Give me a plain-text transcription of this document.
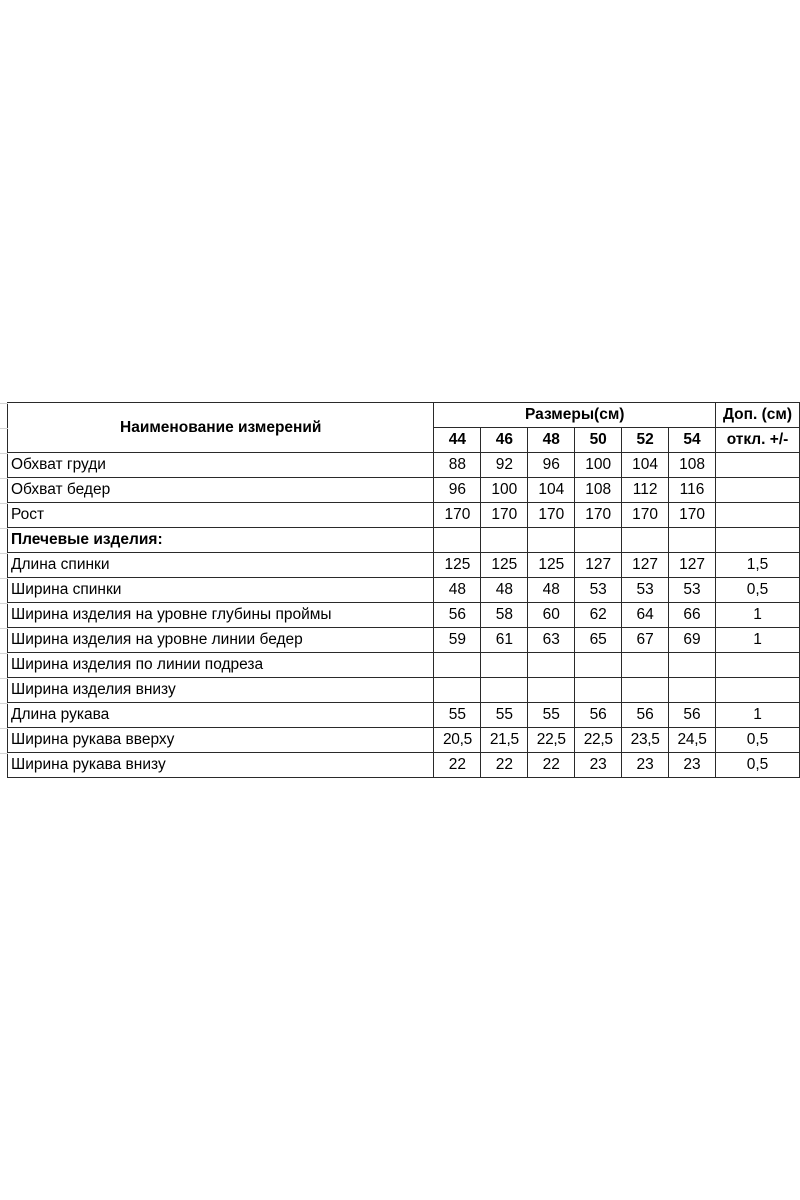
Наименование измерений	Размеры(см)						Доп. (см)
	44	46	48	50	52	54	откл. +/-
Обхват груди	88	92	96	100	104	108	
Обхват бедер	96	100	104	108	112	116	
Рост	170	170	170	170	170	170	
Плечевые изделия:							
Длина спинки	125	125	125	127	127	127	1,5
Ширина спинки	48	48	48	53	53	53	0,5
Ширина изделия на уровне глубины проймы	56	58	60	62	64	66	1
Ширина изделия на уровне линии бедер	59	61	63	65	67	69	1
Ширина изделия по линии подреза							
Ширина изделия внизу							
Длина рукава	55	55	55	56	56	56	1
Ширина рукава вверху	20,5	21,5	22,5	22,5	23,5	24,5	0,5
Ширина рукава внизу	22	22	22	23	23	23	0,5
